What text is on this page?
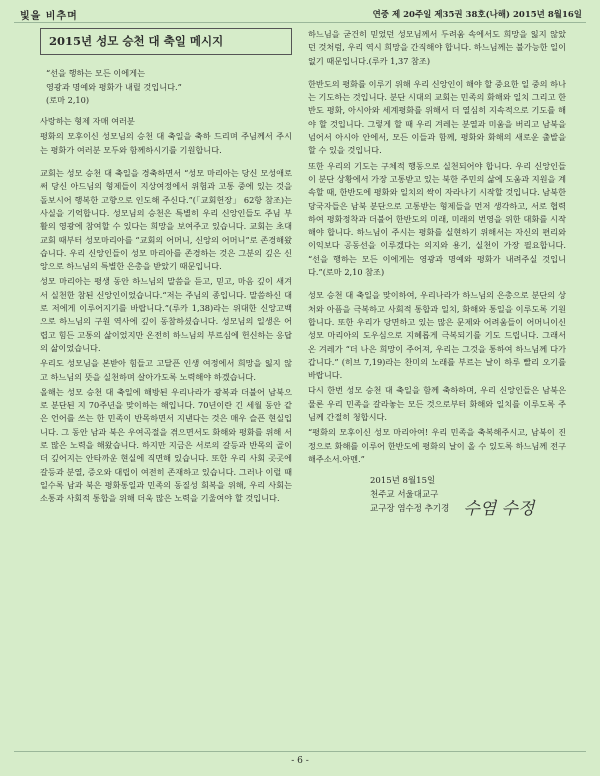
빛을 비추며	연중 제 20주일 제35권 38호(나해) 2015년 8월16일
2015년 성모 승천 대 축일 메시지
“선을 행하는 모든 이에게는
영광과 명예와 평화가 내릴 것입니다.”
(로마 2,10)
사랑하는 형제 자매 여러분
평화의 모후이신 성모님의 승천 대 축일을 축하 드리며 주님께서 주시는 평화가 여러분 모두와 함께하시기를 기원합니다.
교회는 성모 승천 대 축일을 경축하면서 “성모 마리아는 당신 모성애로써 당신 아드님의 형제들이 지상여정에서 위험과 고통 중에 있는 것을 돌보시어 행복한 고향으로 인도해 주신다.”(「교회헌장」 62항 참조)는 사실을 기억합니다. 성모님의 승천은 특별히 우리 신앙인들도 주님 부활의 영광에 참여할 수 있다는 희망을 보여주고 있습니다. 교회는 초대교회 때부터 성모마리아를 “교회의 어머니, 신앙의 어머니”로 존경해왔습니다. 우리 신앙인들이 성모 마리아를 존경하는 것은 그분의 깊은 신앙으로 하느님의 특별한 은총을 받았기 때문입니다.
성모 마리아는 평생 동안 하느님의 말씀을 듣고, 믿고, 마음 깊이 새겨서 실천한 참된 신앙인이었습니다.“저는 주님의 종입니다. 말씀하신 대로 저에게 이루어지기를 바랍니다.”(루카 1,38)라는 위대한 신앙고백으로 하느님의 구원 역사에 깊이 동참하셨습니다. 성모님의 일생은 어렵고 힘든 고통의 삶이었지만 온전히 하느님의 부르심에 헌신하는 응답의 삶이었습니다.
우리도 성모님을 본받아 힘들고 고달픈 인생 여정에서 희망을 잃지 않고 하느님의 뜻을 실천하며 살아가도록 노력해야 하겠습니다.
올해는 성모 승천 대 축일에 해방된 우리나라가 광복과 더불어 남북으로 분단된 지 70주년을 맞이하는 해입니다. 70년이란 긴 세월 동안 같은 언어를 쓰는 한 민족이 반목하면서 지낸다는 것은 매우 슬픈 현실입니다. 그 동안 남과 북은 우여곡절을 겪으면서도 화해와 평화를 위해 서로 많은 노력을 해왔습니다. 하지만 지금은 서로의 갈등과 반목의 골이 더 깊어지는 안타까운 현실에 직면해 있습니다. 또한 우리 사회 곳곳에 갈등과 분열, 증오와 대립이 여전히 존재하고 있습니다. 그러나 이럴 때일수록 남과 북은 평화통일과 민족의 동질성 회복을 위해, 우리 사회는 소통과 사회적 통합을 위해 더욱 많은 노력을 기울여야 할 것입니다.
하느님을 굳건히 믿었던 성모님께서 두려움 속에서도 희망을 잃지 않았던 것처럼, 우리 역시 희망을 간직해야 합니다. 하느님께는 불가능한 일이 없기 때문입니다.(루카 1,37 참조)
한반도의 평화를 이루기 위해 우리 신앙인이 해야 할 중요한 일 중의 하나는 기도하는 것입니다. 분단 시대의 교회는 민족의 화해와 일치 그리고 한반도 평화, 아시아와 세계평화를 위해서 더 열심히 지속적으로 기도를 해야 할 것입니다. 그렇게 할 때 우리 겨레는 분열과 미움을 버리고 남북을 넘어서 아시아 안에서, 모든 이들과 함께, 평화와 화해의 새로운 출발을 할 수 있을 것입니다.
또한 우리의 기도는 구체적 행동으로 실천되어야 합니다. 우리 신앙인들이 분단 상황에서 가장 고통받고 있는 북한 주민의 삶에 도움과 지원을 계속할 때, 한반도에 평화와 일치의 싹이 자라나기 시작할 것입니다. 남북한 당국자들은 남북 분단으로 고통받는 형제들을 먼저 생각하고, 서로 협력하여 평화정착과 더불어 한반도의 미래, 미래의 번영을 위한 대화를 시작해야 합니다. 하느님이 주시는 평화를 실현하기 위해서는 자신의 편리와 이익보다 공동선을 이루겠다는 의지와 용기, 실천이 가장 필요합니다. “선을 행하는 모든 이에게는 영광과 명예와 평화가 내려주실 것입니다.”(로마 2,10 참조)
성모 승천 대 축일을 맞이하여, 우리나라가 하느님의 은총으로 분단의 상처와 아픔을 극복하고 사회적 통합과 일치, 화해와 통일을 이루도록 기원합니다. 또한 우리가 당면하고 있는 많은 문제와 어려움들이 어머니이신 성모 마리아의 도우심으로 지혜롭게 극복되기를 기도 드립니다. 그래서 온 겨레가 “더 나은 희망이 주어져, 우리는 그것을 통하여 하느님께 다가갑니다.” (히브 7,19)라는 찬미의 노래를 부르는 날이 하루 빨리 오기를 바랍니다.
다시 한번 성모 승천 대 축일을 함께 축하하며, 우리 신앙인들은 남북은 물론 우리 민족을 갈라놓는 모든 것으로부터 화해와 일치를 이루도록 주님께 간절히 청합시다.
“평화의 모후이신 성모 마리아여! 우리 민족을 축복해주시고, 남북이 진정으로 화해를 이루어 한반도에 평화의 날이 올 수 있도록 하느님께 전구해주소서.아멘.”
2015년 8월15일
천주교 서울대교구
교구장 염수정 추기경 수염 수정
- 6 -
